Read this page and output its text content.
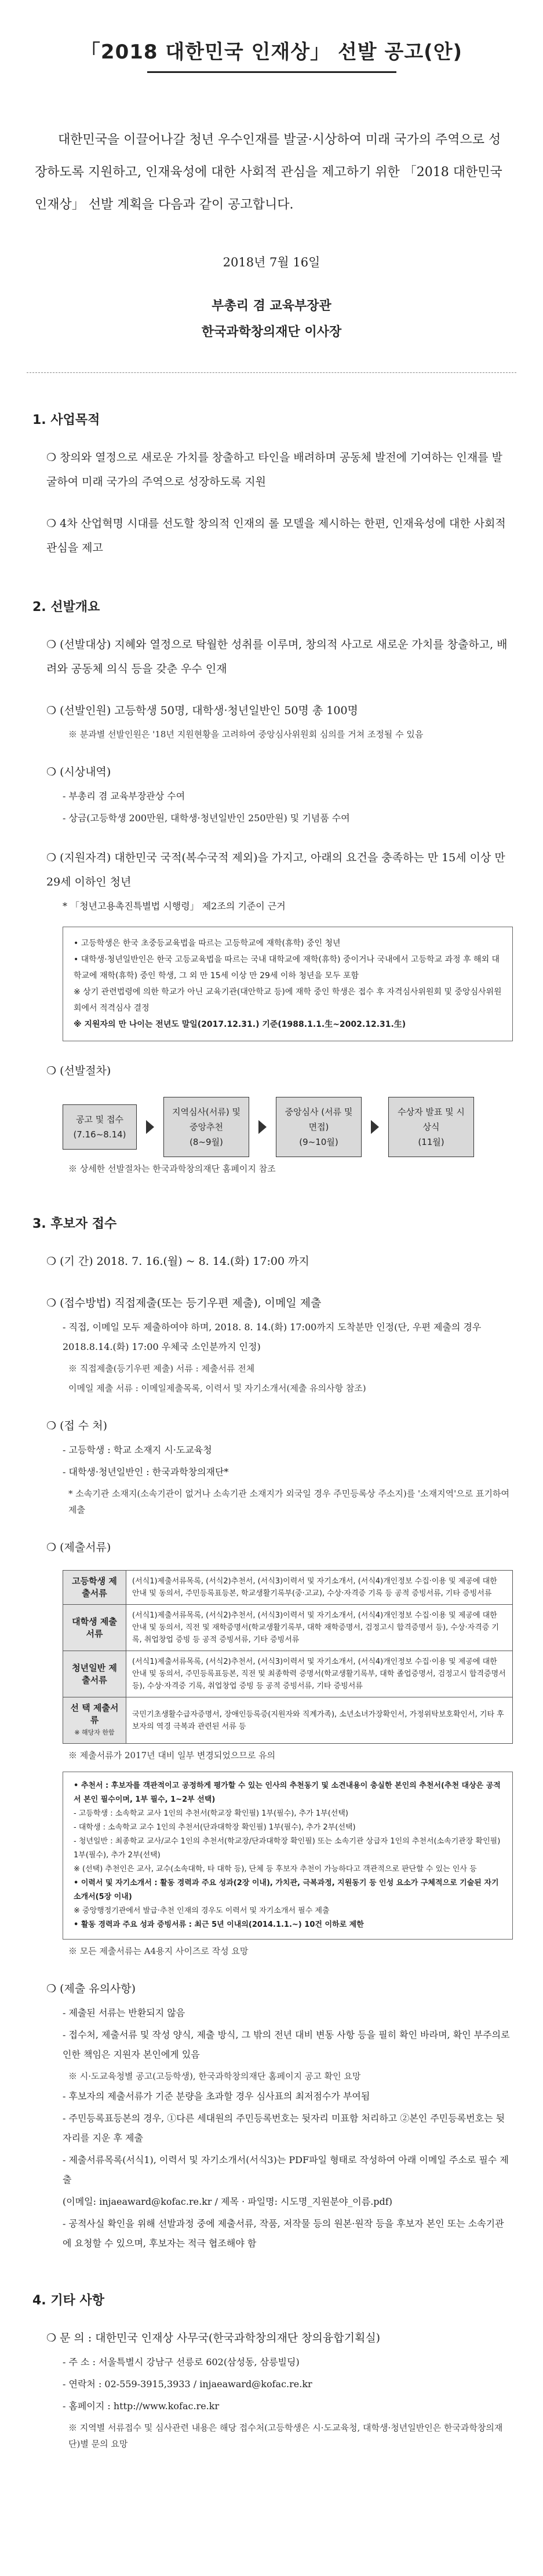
「2018 대한민국 인재상」 선발 공고(안)
대한민국을 이끌어나갈 청년 우수인재를 발굴·시상하여 미래 국가의 주역으로 성장하도록 지원하고, 인재육성에 대한 사회적 관심을 제고하기 위한 「2018 대한민국 인재상」 선발 계획을 다음과 같이 공고합니다.
2018년 7월 16일
부총리 겸 교육부장관
한국과학창의재단 이사장
1. 사업목적
❍ 창의와 열정으로 새로운 가치를 창출하고 타인을 배려하며 공동체 발전에 기여하는 인재를 발굴하여 미래 국가의 주역으로 성장하도록 지원
❍ 4차 산업혁명 시대를 선도할 창의적 인재의 롤 모델을 제시하는 한편, 인재육성에 대한 사회적 관심을 제고
2. 선발개요
❍ (선발대상) 지혜와 열정으로 탁월한 성취를 이루며, 창의적 사고로 새로운 가치를 창출하고, 배려와 공동체 의식 등을 갖춘 우수 인재
❍ (선발인원) 고등학생 50명, 대학생·청년일반인 50명 총 100명
※ 분과별 선발인원은 '18년 지원현황을 고려하여 중앙심사위원회 심의를 거쳐 조정될 수 있음
❍ (시상내역)
- 부총리 겸 교육부장관상 수여
- 상금(고등학생 200만원, 대학생·청년일반인 250만원) 및 기념품 수여
❍ (지원자격) 대한민국 국적(복수국적 제외)을 가지고, 아래의 요건을 충족하는 만 15세 이상 만 29세 이하인 청년
* 「청년고용촉진특별법 시행령」 제2조의 기준이 근거
• 고등학생은 한국 초중등교육법을 따르는 고등학교에 재학(휴학) 중인 청년
• 대학생·청년일반인은 한국 고등교육법을 따르는 국내 대학교에 재학(휴학) 중이거나 국내에서 고등학교 과정 후 해외 대학교에 재학(휴학) 중인 학생, 그 외 만 15세 이상 만 29세 이하 청년을 모두 포함
※ 상기 관련법령에 의한 학교가 아닌 교육기관(대안학교 등)에 재학 중인 학생은 접수 후 자격심사위원회 및 중앙심사위원회에서 적격심사 결정
※ 지원자의 만 나이는 전년도 말일(2017.12.31.) 기준(1988.1.1.生~2002.12.31.生)
❍ (선발절차)
공고 및 접수
(7.16~8.14)
지역심사(서류) 및 중앙추천
(8~9월)
중앙심사 (서류 및 면접)
(9~10월)
수상자 발표 및 시상식
(11월)
※ 상세한 선발절차는 한국과학창의재단 홈페이지 참조
3. 후보자 접수
❍ (기 간) 2018. 7. 16.(월) ~ 8. 14.(화) 17:00 까지
❍ (접수방법) 직접제출(또는 등기우편 제출), 이메일 제출
- 직접, 이메일 모두 제출하여야 하며, 2018. 8. 14.(화) 17:00까지 도착분만 인정(단, 우편 제출의 경우 2018.8.14.(화) 17:00 우체국 소인분까지 인정)
※ 직접제출(등기우편 제출) 서류 : 제출서류 전체
이메일 제출 서류 : 이메일제출목록, 이력서 및 자기소개서(제출 유의사항 참조)
❍ (접 수 처)
- 고등학생 : 학교 소재지 시·도교육청
- 대학생·청년일반인 : 한국과학창의재단*
* 소속기관 소재지(소속기관이 없거나 소속기관 소재지가 외국일 경우 주민등록상 주소지)를 '소재지역'으로 표기하여 제출
❍ (제출서류)
고등학생 제출서류	(서식1)제출서류목록, (서식2)추천서, (서식3)이력서 및 자기소개서, (서식4)개인정보 수집·이용 및 제공에 대한 안내 및 동의서, 주민등록표등본, 학교생활기록부(중·고교), 수상·자격증 기록 등 공적 증빙서류, 기타 증빙서류
대학생 제출서류	(서식1)제출서류목록, (서식2)추천서, (서식3)이력서 및 자기소개서, (서식4)개인정보 수집·이용 및 제공에 대한 안내 및 동의서, 직전 및 재학증명서(학교생활기록부, 대학 재학증명서, 검정고시 합격증명서 등), 수상·자격증 기록, 취업창업 증빙 등 공적 증빙서류, 기타 증빙서류
청년일반 제출서류	(서식1)제출서류목록, (서식2)추천서, (서식3)이력서 및 자기소개서, (서식4)개인정보 수집·이용 및 제공에 대한 안내 및 동의서, 주민등록표등본, 직전 및 최종학력 증명서(학교생활기록부, 대학 졸업증명서, 검정고시 합격증명서 등), 수상·자격증 기록, 취업창업 증빙 등 공적 증빙서류, 기타 증빙서류

선 택 제출서류
※ 해당자 한함	국민기초생활수급자증명서, 장애인등록증(지원자와 직계가족), 소년소녀가장확인서, 가정위탁보호확인서, 기타 후보자의 역경 극복과 관련된 서류 등
※ 제출서류가 2017년 대비 일부 변경되었으므로 유의
• 추천서 : 후보자를 객관적이고 공정하게 평가할 수 있는 인사의 추천동기 및 소견내용이 충실한 본인의 추천서(추천 대상은 공적서 본인 필수이며, 1부 필수, 1~2부 선택)
- 고등학생 : 소속학교 교사 1인의 추천서(학교장 확인필) 1부(필수), 추가 1부(선택)
- 대학생 : 소속학교 교수 1인의 추천서(단과대학장 확인필) 1부(필수), 추가 2부(선택)
- 청년일반 : 최종학교 교사/교수 1인의 추천서(학교장/단과대학장 확인필) 또는 소속기관 상급자 1인의 추천서(소속기관장 확인필) 1부(필수), 추가 2부(선택)
※ (선택) 추천인은 교사, 교수(소속대학, 타 대학 등), 단체 등 후보자 추천이 가능하다고 객관적으로 판단할 수 있는 인사 등
• 이력서 및 자기소개서 : 활동 경력과 주요 성과(2장 이내), 가치관, 극복과정, 지원동기 등 인성 요소가 구체적으로 기술된 자기소개서(5장 이내)
※ 중앙행정기관에서 발급·추천 인재의 경우도 이력서 및 자기소개서 필수 제출
• 활동 경력과 주요 성과 증빙서류 : 최근 5년 이내의(2014.1.1.~) 10건 이하로 제한
※ 모든 제출서류는 A4용지 사이즈로 작성 요망
❍ (제출 유의사항)
- 제출된 서류는 반환되지 않음
- 접수처, 제출서류 및 작성 양식, 제출 방식, 그 밖의 전년 대비 변동 사항 등을 필히 확인 바라며, 확인 부주의로 인한 책임은 지원자 본인에게 있음
※ 시·도교육청별 공고(고등학생), 한국과학창의재단 홈페이지 공고 확인 요망
- 후보자의 제출서류가 기준 분량을 초과할 경우 심사표의 최저점수가 부여됨
- 주민등록표등본의 경우, ①다른 세대원의 주민등록번호는 뒷자리 미표함 처리하고 ②본인 주민등록번호는 뒷자리를 지운 후 제출
- 제출서류목록(서식1), 이력서 및 자기소개서(서식3)는 PDF파일 형태로 작성하여 아래 이메일 주소로 필수 제출
(이메일: injaeaward@kofac.re.kr / 제목 · 파일명: 시도명_지원분야_이름.pdf)
- 공적사실 확인을 위해 선발과정 중에 제출서류, 작품, 저작물 등의 원본·원작 등을 후보자 본인 또는 소속기관에 요청할 수 있으며, 후보자는 적극 협조해야 함
4. 기타 사항
❍ 문 의 : 대한민국 인재상 사무국(한국과학창의재단 창의융합기획실)
- 주 소 : 서울특별시 강남구 선릉로 602(삼성동, 삼릉빌딩)
- 연락처 : 02-559-3915,3933 / injaeaward@kofac.re.kr
- 홈페이지 : http://www.kofac.re.kr
※ 지역별 서류접수 및 심사관련 내용은 해당 접수처(고등학생은 시·도교육청, 대학생·청년일반인은 한국과학창의재단)별 문의 요망
